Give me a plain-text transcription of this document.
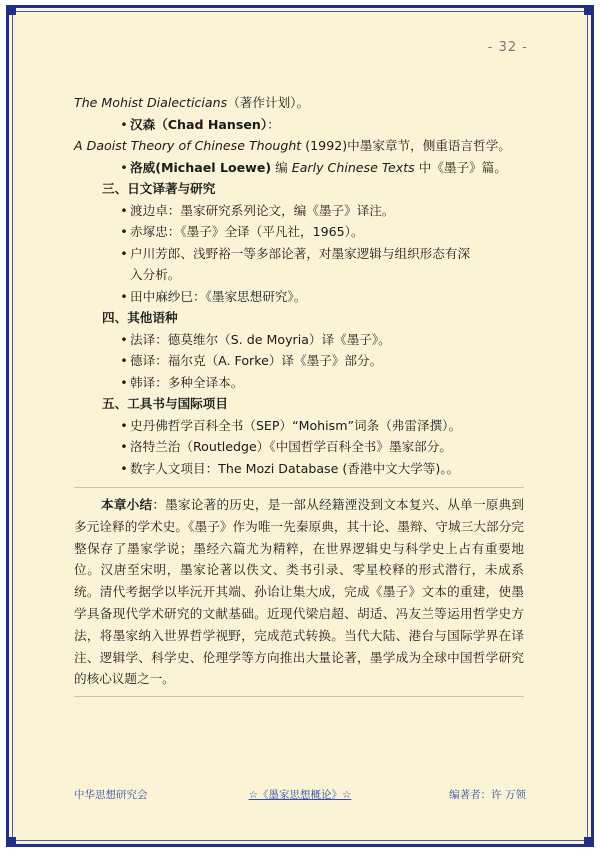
- 32 -
The Mohist Dialecticians（著作计划）。
• 汉森（Chad Hansen）：
A Daoist Theory of Chinese Thought (1992)中墨家章节，侧重语言哲学。
• 洛威(Michael Loewe) 编 Early Chinese Texts 中《墨子》篇。
三、日文译著与研究
• 渡边卓：墨家研究系列论文，编《墨子》译注。
• 赤塚忠：《墨子》全译（平凡社，1965）。
• 户川芳郎、浅野裕一等多部论著，对墨家逻辑与组织形态有深
入分析。
• 田中麻纱巳：《墨家思想研究》。
四、其他语种
• 法译：德莫维尔（S. de Moyria）译《墨子》。
• 德译：福尔克（A. Forke）译《墨子》部分。
• 韩译：多种全译本。
五、工具书与国际项目
• 史丹佛哲学百科全书（SEP）“Mohism”词条（弗雷泽撰）。
• 洛特兰治（Routledge）《中国哲学百科全书》墨家部分。
• 数字人文项目：The Mozi Database (香港中文大学等)。。
本章小结：墨家论著的历史，是一部从经籍湮没到文本复兴、从单一原典到多元诠释的学术史。《墨子》作为唯一先秦原典，其十论、墨辩、守城三大部分完整保存了墨家学说；墨经六篇尤为精粹，在世界逻辑史与科学史上占有重要地位。汉唐至宋明，墨家论著以佚文、类书引录、零星校释的形式潜行，未成系统。清代考据学以毕沅开其端、孙诒让集大成，完成《墨子》文本的重建，使墨学具备现代学术研究的文献基础。近现代梁启超、胡适、冯友兰等运用哲学史方法，将墨家纳入世界哲学视野，完成范式转换。当代大陆、港台与国际学界在译注、逻辑学、科学史、伦理学等方向推出大量论著，墨学成为全球中国哲学研究的核心议题之一。
中华思想研究会	☆《墨家思想概论》☆	编著者：许 万领
